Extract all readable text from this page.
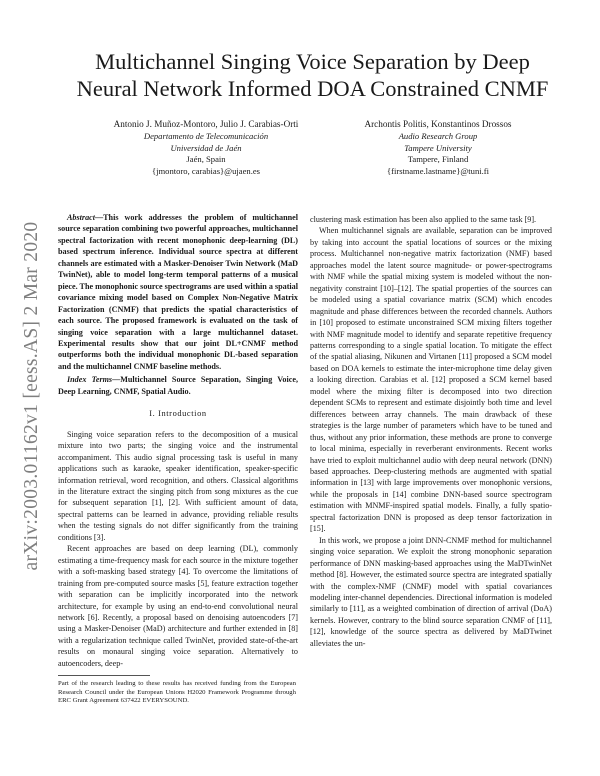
arXiv:2003.01162v1 [eess.AS] 2 Mar 2020
Multichannel Singing Voice Separation by Deep
Neural Network Informed DOA Constrained CNMF
Antonio J. Muñoz-Montoro, Julio J. Carabias-Orti
Departamento de Telecomunicación
Universidad de Jaén
Jaén, Spain
{jmontoro, carabias}@ujaen.es
Archontis Politis, Konstantinos Drossos
Audio Research Group
Tampere University
Tampere, Finland
{firstname.lastname}@tuni.fi

Abstract—This work addresses the problem of multichannel source separation combining two powerful approaches, multichannel spectral factorization with recent monophonic deep-learning (DL) based spectrum inference. Individual source spectra at different channels are estimated with a Masker-Denoiser Twin Network (MaD TwinNet), able to model long-term temporal patterns of a musical piece. The monophonic source spectrograms are used within a spatial covariance mixing model based on Complex Non-Negative Matrix Factorization (CNMF) that predicts the spatial characteristics of each source. The proposed framework is evaluated on the task of singing voice separation with a large multichannel dataset. Experimental results show that our joint DL+CNMF method outperforms both the individual monophonic DL-based separation and the multichannel CNMF baseline methods.

Index Terms—Multichannel Source Separation, Singing Voice, Deep Learning, CNMF, Spatial Audio.

I. Introduction

Singing voice separation refers to the decomposition of a musical mixture into two parts; the singing voice and the instrumental accompaniment. This audio signal processing task is useful in many applications such as karaoke, speaker identification, speaker-specific information retrieval, word recognition, and others. Classical algorithms in the literature extract the singing pitch from song mixtures as the cue for subsequent separation [1], [2]. With sufficient amount of data, spectral patterns can be learned in advance, providing reliable results when the testing signals do not differ significantly from the training conditions [3].

Recent approaches are based on deep learning (DL), commonly estimating a time-frequency mask for each source in the mixture together with a soft-masking based strategy [4]. To overcome the limitations of training from pre-computed source masks [5], feature extraction together with separation can be implicitly incorporated into the network architecture, for example by using an end-to-end convolutional neural network [6]. Recently, a proposal based on denoising autoencoders [7] using a Masker-Denoiser (MaD) architecture and further extended in [8] with a regularization technique called TwinNet, provided state-of-the-art results on monaural singing voice separation. Alternatively to autoencoders, deep-

Part of the research leading to these results has received funding from the European Research Council under the European Unions H2020 Framework Programme through ERC Grant Agreement 637422 EVERYSOUND.

clustering mask estimation has been also applied to the same task [9].

When multichannel signals are available, separation can be improved by taking into account the spatial locations of sources or the mixing process. Multichannel non-negative matrix factorization (NMF) based approaches model the latent source magnitude- or power-spectrograms with NMF while the spatial mixing system is modeled without the non-negativity constraint [10]–[12]. The spatial properties of the sources can be modeled using a spatial covariance matrix (SCM) which encodes magnitude and phase differences between the recorded channels. Authors in [10] proposed to estimate unconstrained SCM mixing filters together with NMF magnitude model to identify and separate repetitive frequency patterns corresponding to a single spatial location. To mitigate the effect of the spatial aliasing, Nikunen and Virtanen [11] proposed a SCM model based on DOA kernels to estimate the inter-microphone time delay given a looking direction. Carabias et al. [12] proposed a SCM kernel based model where the mixing filter is decomposed into two direction dependent SCMs to represent and estimate disjointly both time and level differences between array channels. The main drawback of these strategies is the large number of parameters which have to be tuned and thus, without any prior information, these methods are prone to converge to local minima, especially in reverberant environments. Recent works have tried to exploit multichannel audio with deep neural network (DNN) based approaches. Deep-clustering methods are augmented with spatial information in [13] with large improvements over monophonic versions, while the proposals in [14] combine DNN-based source spectrogram estimation with MNMF-inspired spatial models. Finally, a fully spatio-spectral factorization DNN is proposed as deep tensor factorization in [15].

In this work, we propose a joint DNN-CNMF method for multichannel singing voice separation. We exploit the strong monophonic separation performance of DNN masking-based approaches using the MaDTwinNet method [8]. However, the estimated source spectra are integrated spatially with the complex-NMF (CNMF) model with spatial covariances modeling inter-channel dependencies. Directional information is modeled similarly to [11], as a weighted combination of direction of arrival (DoA) kernels. However, contrary to the blind source separation CNMF of [11], [12], knowledge of the source spectra as delivered by MaDTwinet alleviates the un-
